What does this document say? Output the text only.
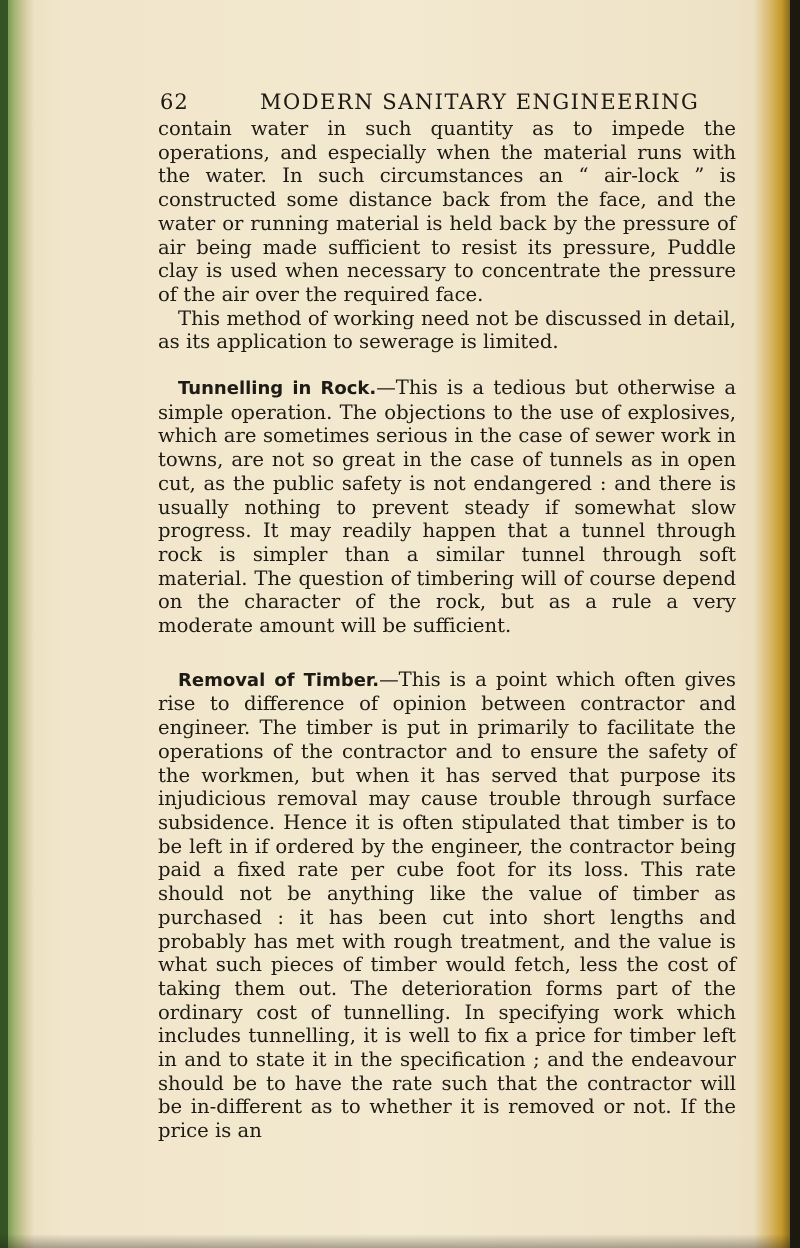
62	MODERN SANITARY ENGINEERING

contain water in such quantity as to impede the operations, and especially when the material runs with the water. In such circumstances an “ air-lock ” is constructed some distance back from the face, and the water or running material is held back by the pressure of air being made sufficient to resist its pressure, Puddle clay is used when necessary to concentrate the pressure of the air over the required face.

This method of working need not be discussed in detail, as its application to sewerage is limited.

Tunnelling in Rock.—This is a tedious but otherwise a simple operation. The objections to the use of explosives, which are sometimes serious in the case of sewer work in towns, are not so great in the case of tunnels as in open cut, as the public safety is not endangered : and there is usually nothing to prevent steady if somewhat slow progress. It may readily happen that a tunnel through rock is simpler than a similar tunnel through soft material. The question of timbering will of course depend on the character of the rock, but as a rule a very moderate amount will be sufficient.

Removal of Timber.—This is a point which often gives rise to difference of opinion between contractor and engineer. The timber is put in primarily to facilitate the operations of the contractor and to ensure the safety of the workmen, but when it has served that purpose its injudicious removal may cause trouble through surface subsidence. Hence it is often stipulated that timber is to be left in if ordered by the engineer, the contractor being paid a fixed rate per cube foot for its loss. This rate should not be anything like the value of timber as purchased : it has been cut into short lengths and probably has met with rough treatment, and the value is what such pieces of timber would fetch, less the cost of taking them out. The deterioration forms part of the ordinary cost of tunnelling. In specifying work which includes tunnelling, it is well to fix a price for timber left in and to state it in the specification ; and the endeavour should be to have the rate such that the contractor will be in-different as to whether it is removed or not. If the price is an
